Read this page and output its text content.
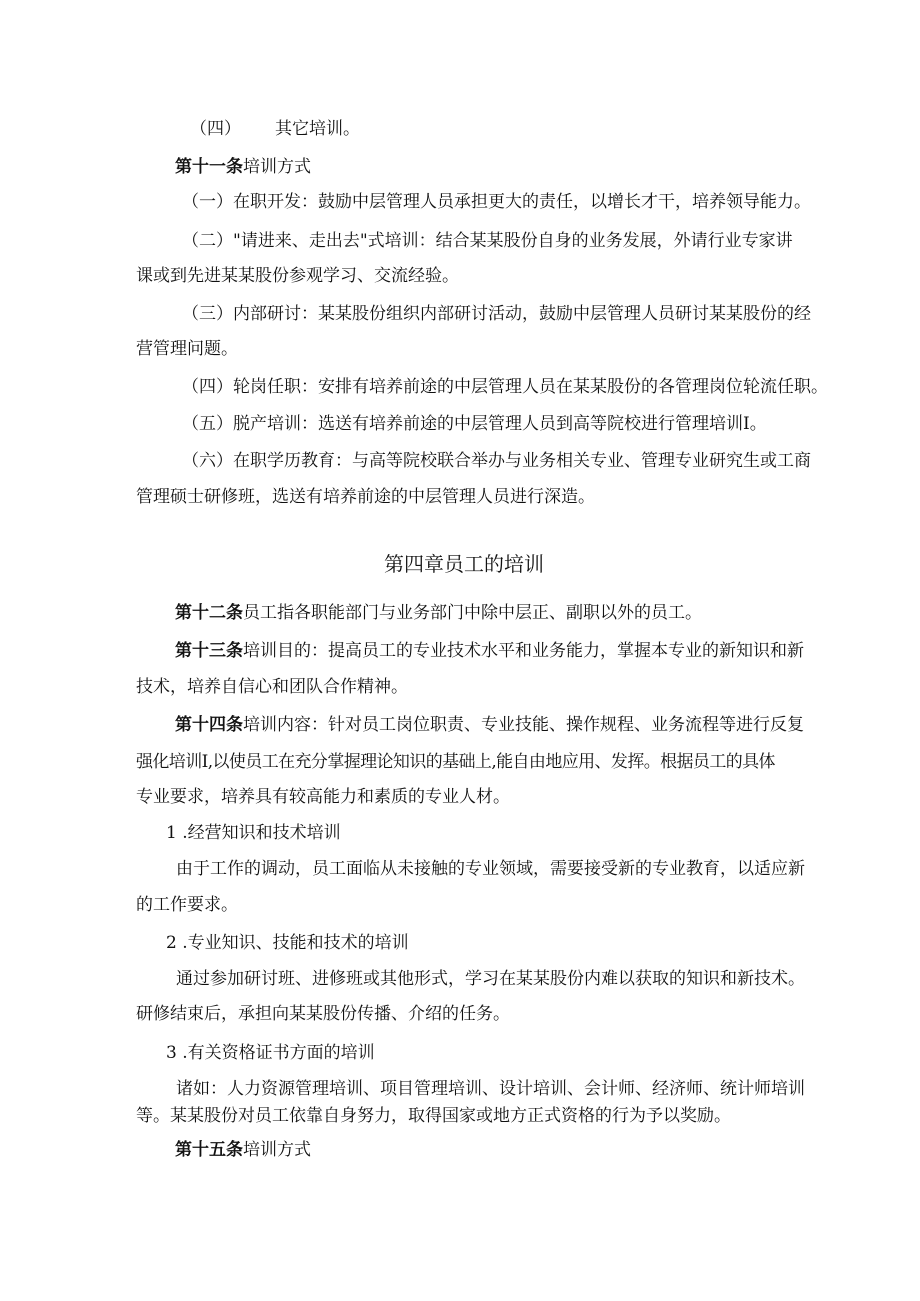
（四） 其它培训。
第十一条培训方式
（一）在职开发：鼓励中层管理人员承担更大的责任，以增长才干，培养领导能力。
（二）"请进来、走出去"式培训：结合某某股份自身的业务发展，外请行业专家讲
课或到先进某某股份参观学习、交流经验。
（三）内部研讨：某某股份组织内部研讨活动，鼓励中层管理人员研讨某某股份的经
营管理问题。
（四）轮岗任职：安排有培养前途的中层管理人员在某某股份的各管理岗位轮流任职。
（五）脱产培训：选送有培养前途的中层管理人员到高等院校进行管理培训I。
（六）在职学历教育：与高等院校联合举办与业务相关专业、管理专业研究生或工商
管理硕士研修班，选送有培养前途的中层管理人员进行深造。
第四章员工的培训
第十二条员工指各职能部门与业务部门中除中层正、副职以外的员工。
第十三条培训目的：提高员工的专业技术水平和业务能力，掌握本专业的新知识和新
技术，培养自信心和团队合作精神。
第十四条培训内容：针对员工岗位职责、专业技能、操作规程、业务流程等进行反复
强化培训I,以使员工在充分掌握理论知识的基础上,能自由地应用、发挥。根据员工的具体
专业要求，培养具有较高能力和素质的专业人材。
1 .经营知识和技术培训
由于工作的调动，员工面临从未接触的专业领域，需要接受新的专业教育，以适应新
的工作要求。
2 .专业知识、技能和技术的培训
通过参加研讨班、进修班或其他形式，学习在某某股份内难以获取的知识和新技术。
研修结束后，承担向某某股份传播、介绍的任务。
3 .有关资格证书方面的培训
诸如：人力资源管理培训、项目管理培训、设计培训、会计师、经济师、统计师培训
等。某某股份对员工依靠自身努力，取得国家或地方正式资格的行为予以奖励。
第十五条培训方式
